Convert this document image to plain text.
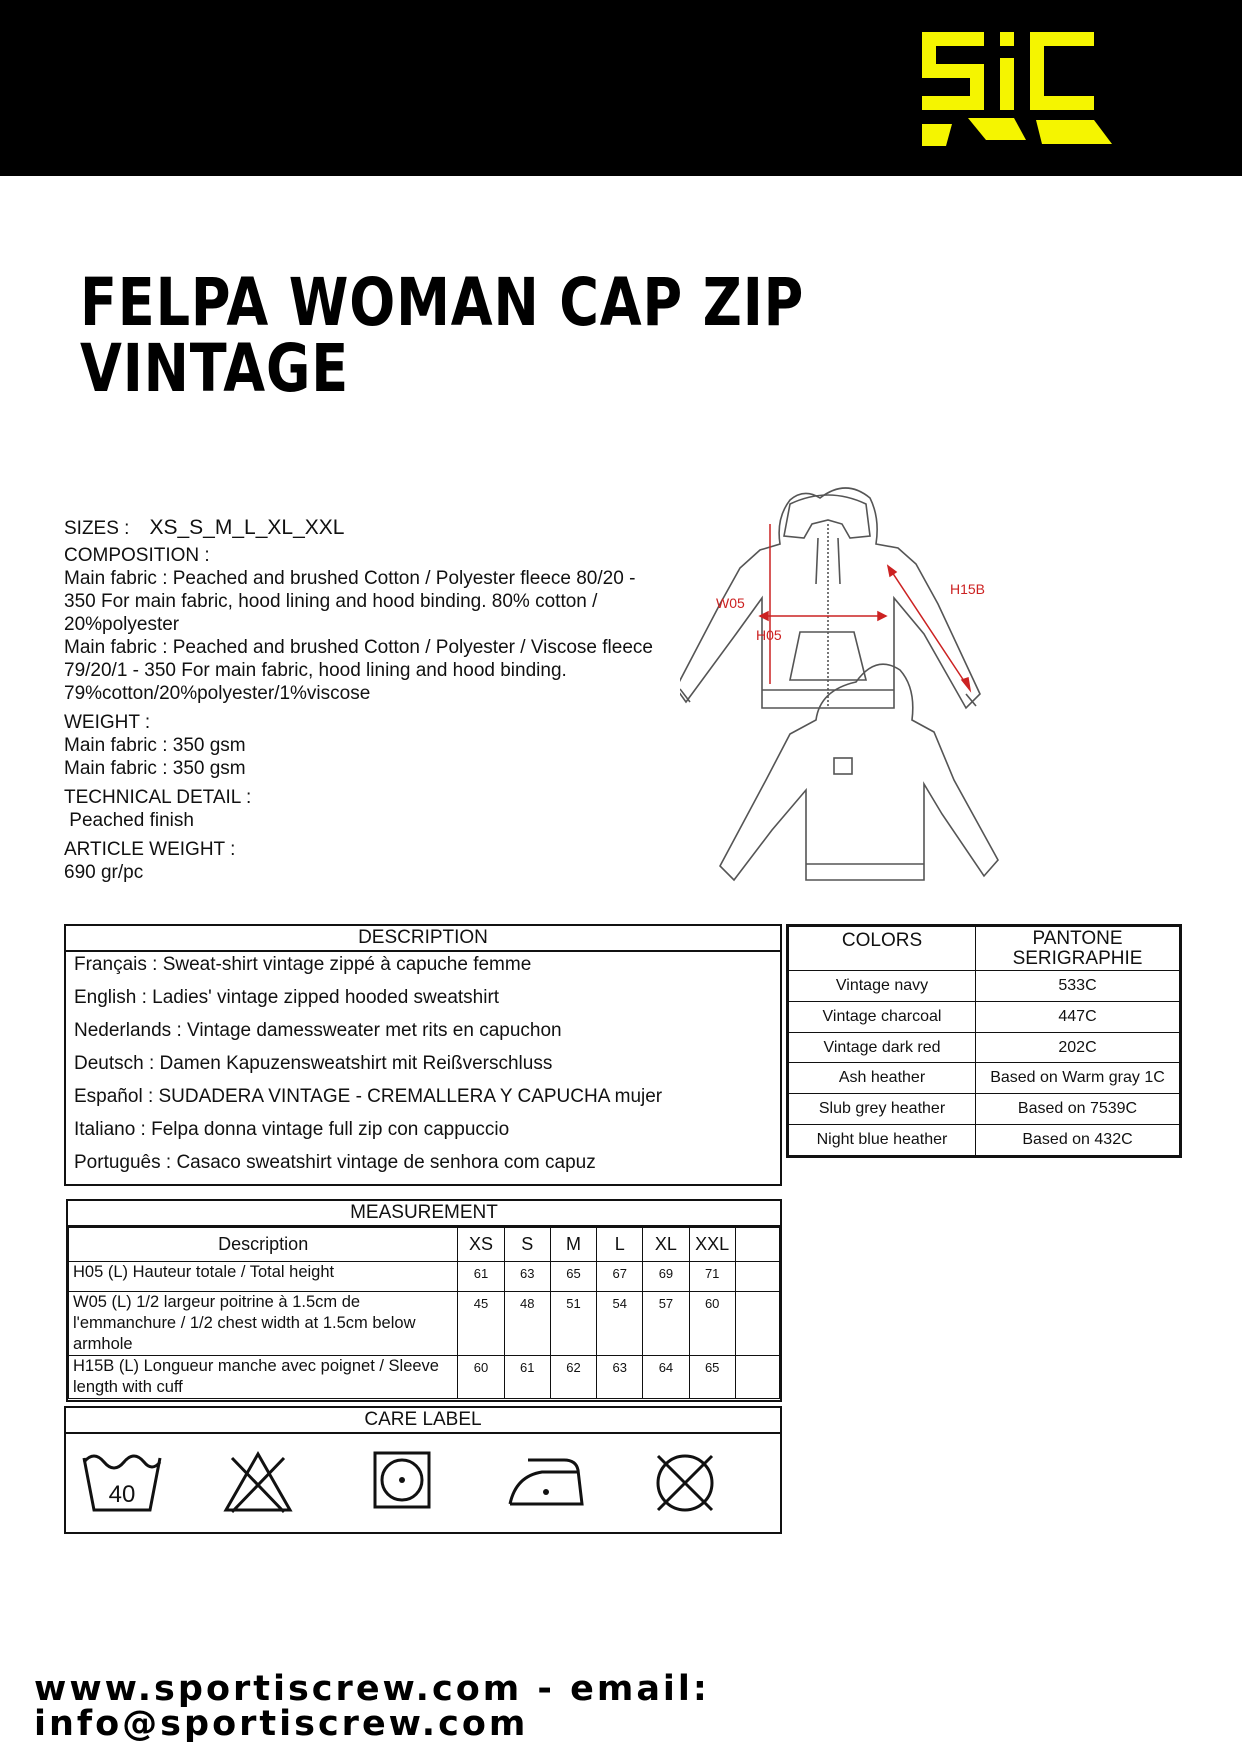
FELPA WOMAN CAP ZIP VINTAGE

SIZES : XS_S_M_L_XL_XXL

COMPOSITION :

Main fabric : Peached and brushed Cotton / Polyester fleece 80/20 - 350 For main fabric, hood lining and hood binding. 80% cotton / 20%polyester

Main fabric : Peached and brushed Cotton / Polyester / Viscose fleece 79/20/1 - 350 For main fabric, hood lining and hood binding. 79%cotton/20%polyester/1%viscose

WEIGHT :

Main fabric : 350 gsm

Main fabric : 350 gsm

TECHNICAL DETAIL :

Peached finish

ARTICLE WEIGHT :

690 gr/pc

W05
H05
H15B
DESCRIPTION
Français : Sweat-shirt vintage zippé à capuche femme
English : Ladies' vintage zipped hooded sweatshirt
Nederlands : Vintage damessweater met rits en capuchon
Deutsch : Damen Kapuzensweatshirt mit Reißverschluss
Español : SUDADERA VINTAGE - CREMALLERA Y CAPUCHA mujer
Italiano : Felpa donna vintage full zip con cappuccio
Português : Casaco sweatshirt vintage de senhora com capuz
COLORS	PANTONE SERIGRAPHIE
Vintage navy	533C
Vintage charcoal	447C
Vintage dark red	202C
Ash heather	Based on Warm gray 1C
Slub grey heather	Based on 7539C
Night blue heather	Based on 432C
MEASUREMENT
Description	XS	S	M	L	XL	XXL	
H05 (L) Hauteur totale / Total height	61	63	65	67	69	71	
W05 (L) 1/2 largeur poitrine à 1.5cm de l'emmanchure / 1/2 chest width at 1.5cm below armhole	45	48	51	54	57	60	
H15B (L) Longueur manche avec poignet / Sleeve length with cuff	60	61	62	63	64	65	
CARE LABEL
40
www.sportiscrew.com - email: info@sportiscrew.com
